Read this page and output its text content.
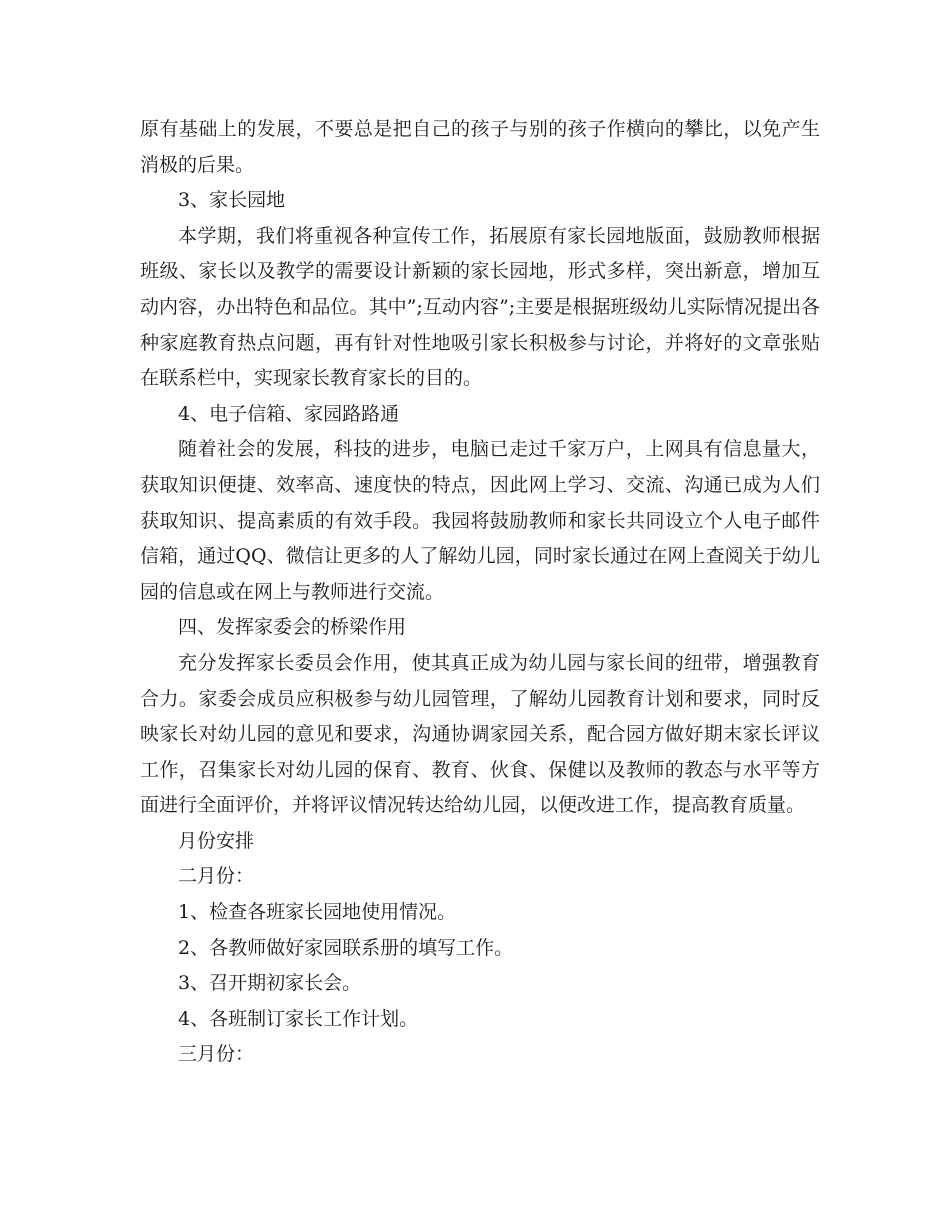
原有基础上的发展，不要总是把自己的孩子与别的孩子作横向的攀比，以免产生消极的后果。

3、家长园地

本学期，我们将重视各种宣传工作，拓展原有家长园地版面，鼓励教师根据班级、家长以及教学的需要设计新颖的家长园地，形式多样，突出新意，增加互动内容，办出特色和品位。其中”;互动内容”;主要是根据班级幼儿实际情况提出各种家庭教育热点问题，再有针对性地吸引家长积极参与讨论，并将好的文章张贴在联系栏中，实现家长教育家长的目的。

4、电子信箱、家园路路通

随着社会的发展，科技的进步，电脑已走过千家万户，上网具有信息量大，获取知识便捷、效率高、速度快的特点，因此网上学习、交流、沟通已成为人们获取知识、提高素质的有效手段。我园将鼓励教师和家长共同设立个人电子邮件信箱，通过QQ、微信让更多的人了解幼儿园，同时家长通过在网上查阅关于幼儿园的信息或在网上与教师进行交流。

四、发挥家委会的桥梁作用

充分发挥家长委员会作用，使其真正成为幼儿园与家长间的纽带，增强教育合力。家委会成员应积极参与幼儿园管理，了解幼儿园教育计划和要求，同时反映家长对幼儿园的意见和要求，沟通协调家园关系，配合园方做好期末家长评议工作，召集家长对幼儿园的保育、教育、伙食、保健以及教师的教态与水平等方面进行全面评价，并将评议情况转达给幼儿园，以便改进工作，提高教育质量。

月份安排

二月份：

1、检查各班家长园地使用情况。

2、各教师做好家园联系册的填写工作。

3、召开期初家长会。

4、各班制订家长工作计划。

三月份：
